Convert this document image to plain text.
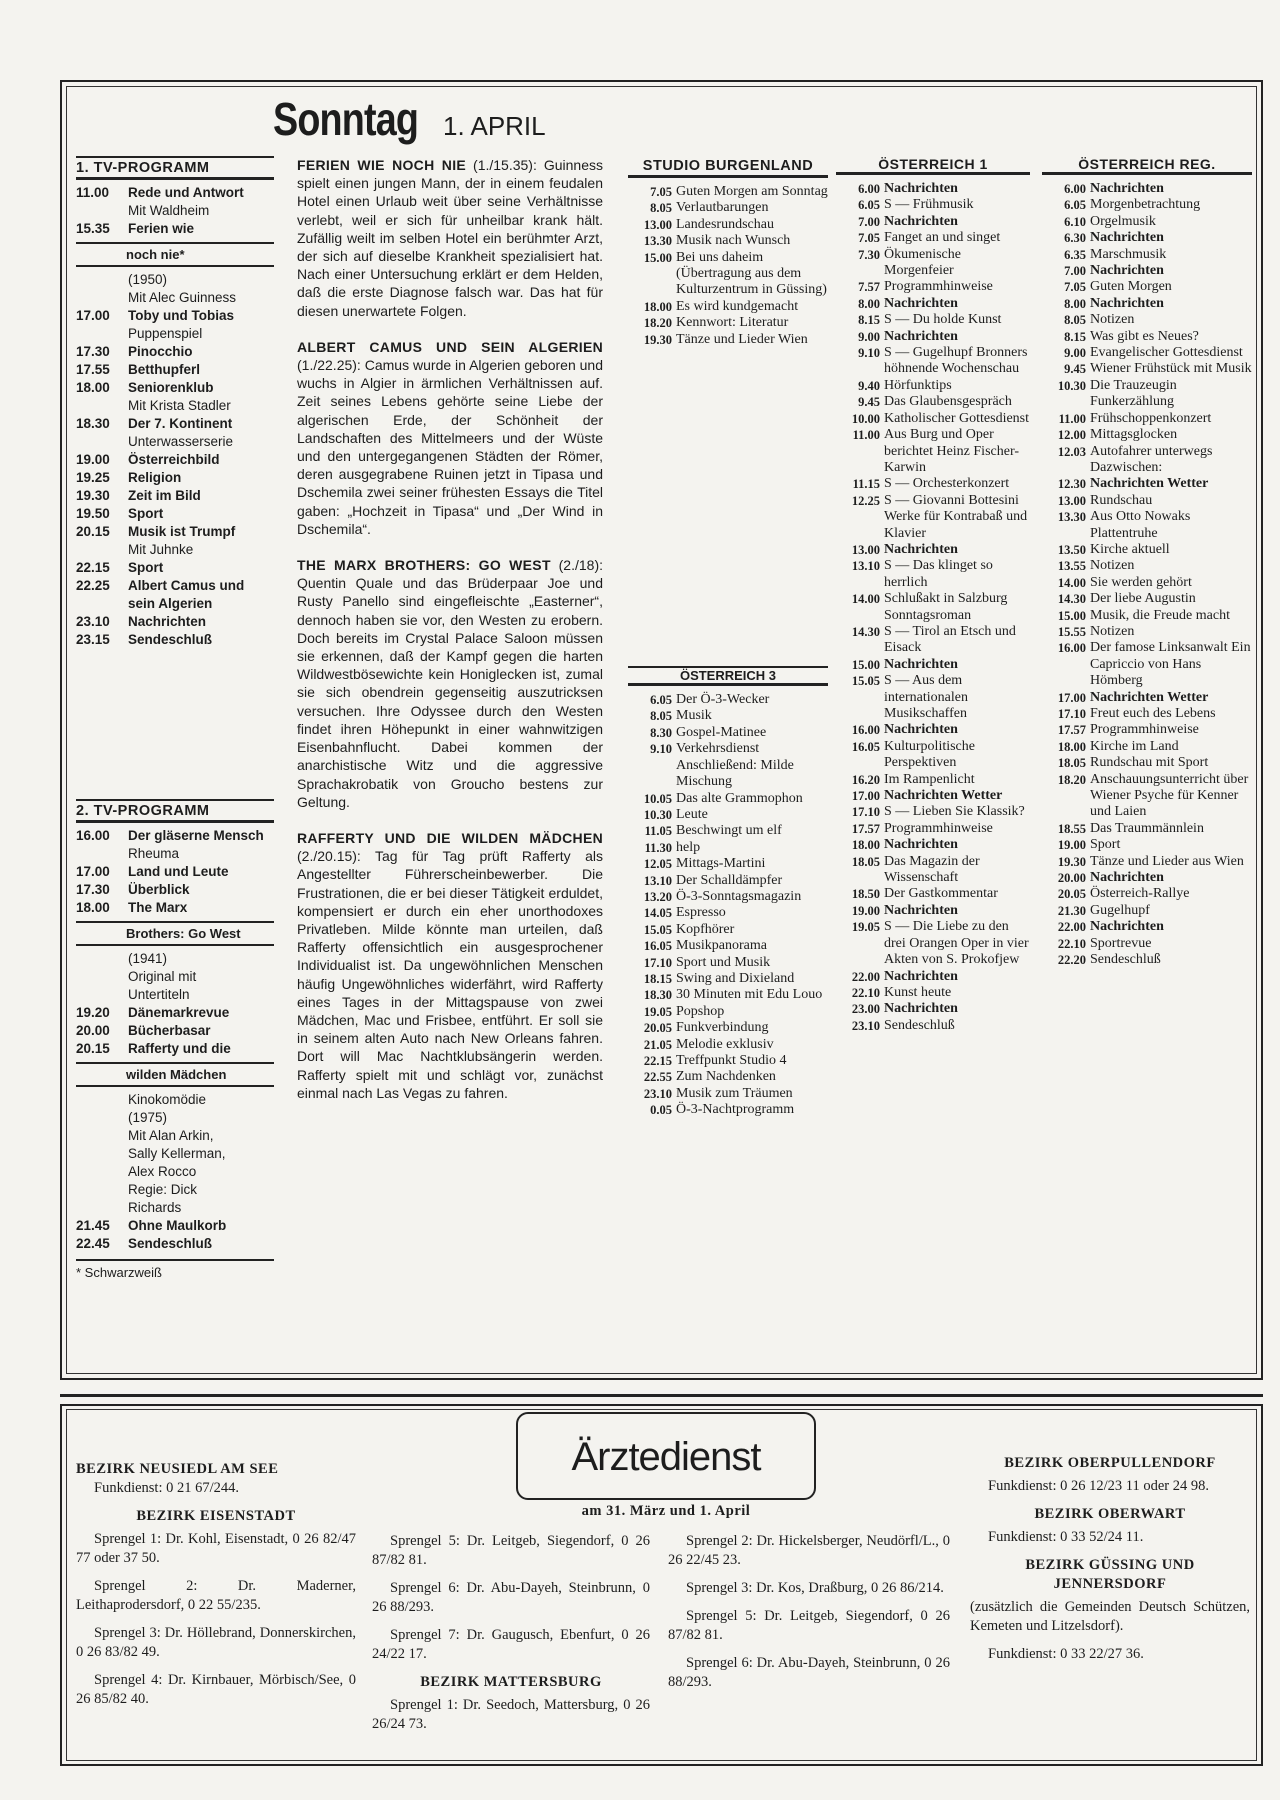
Sonntag 1. APRIL
1. TV-PROGRAMM
11.00	Rede und Antwort
Mit Waldheim
15.35	Ferien wie
noch nie*
(1950)
Mit Alec Guinness
17.00	Toby und Tobias
Puppenspiel
17.30	Pinocchio
17.55	Betthupferl
18.00	Seniorenklub
Mit Krista Stadler
18.30	Der 7. Kontinent
Unterwasserserie
19.00	Österreichbild
19.25	Religion
19.30	Zeit im Bild
19.50	Sport
20.15	Musik ist Trumpf
Mit Juhnke
22.15	Sport
22.25	Albert Camus und sein Algerien
23.10	Nachrichten
23.15	Sendeschluß
2. TV-PROGRAMM
16.00	Der gläserne Mensch
Rheuma
17.00	Land und Leute
17.30	Überblick
18.00	The Marx
Brothers: Go West
(1941)
Original mit
Untertiteln
19.20	Dänemarkrevue
20.00	Bücherbasar
20.15	Rafferty und die
wilden Mädchen
Kinokomödie
(1975)
Mit Alan Arkin,
Sally Kellerman,
Alex Rocco
Regie: Dick
Richards
21.45	Ohne Maulkorb
22.45	Sendeschluß
* Schwarzweiß

FERIEN WIE NOCH NIE (1./15.35): Guinness spielt einen jungen Mann, der in einem feudalen Hotel einen Urlaub weit über seine Verhältnisse verlebt, weil er sich für unheilbar krank hält. Zufällig weilt im selben Hotel ein berühmter Arzt, der sich auf dieselbe Krankheit spezialisiert hat. Nach einer Untersuchung erklärt er dem Helden, daß die erste Diagnose falsch war. Das hat für diesen unerwartete Folgen.

ALBERT CAMUS UND SEIN ALGERIEN (1./22.25): Camus wurde in Algerien geboren und wuchs in Algier in ärmlichen Verhältnissen auf. Zeit seines Lebens gehörte seine Liebe der algerischen Erde, der Schönheit der Landschaften des Mittelmeers und der Wüste und den untergegangenen Städten der Römer, deren ausgegrabene Ruinen jetzt in Tipasa und Dschemila zwei seiner frühesten Essays die Titel gaben: „Hochzeit in Tipasa“ und „Der Wind in Dschemila“.

THE MARX BROTHERS: GO WEST (2./18): Quentin Quale und das Brüderpaar Joe und Rusty Panello sind eingefleischte „Easterner“, dennoch haben sie vor, den Westen zu erobern. Doch bereits im Crystal Palace Saloon müssen sie erkennen, daß der Kampf gegen die harten Wildwestbösewichte kein Honiglecken ist, zumal sie sich obendrein gegenseitig auszutricksen versuchen. Ihre Odyssee durch den Westen findet ihren Höhepunkt in einer wahnwitzigen Eisenbahnflucht. Dabei kommen der anarchistische Witz und die aggressive Sprachakrobatik von Groucho bestens zur Geltung.

RAFFERTY UND DIE WILDEN MÄDCHEN (2./20.15): Tag für Tag prüft Rafferty als Angestellter Führerscheinbewerber. Die Frustrationen, die er bei dieser Tätigkeit erduldet, kompensiert er durch ein eher unorthodoxes Privatleben. Milde könnte man urteilen, daß Rafferty offensichtlich ein ausgesprochener Individualist ist. Da ungewöhnlichen Menschen häufig Ungewöhnliches widerfährt, wird Rafferty eines Tages in der Mittagspause von zwei Mädchen, Mac und Frisbee, entführt. Er soll sie in seinem alten Auto nach New Orleans fahren. Dort will Mac Nachtklubsängerin werden. Rafferty spielt mit und schlägt vor, zunächst einmal nach Las Vegas zu fahren.

STUDIO BURGENLAND
7.05 Guten Morgen am Sonntag
8.05 Verlautbarungen
13.00 Landesrundschau
13.30 Musik nach Wunsch
15.00 Bei uns daheim (Übertragung aus dem Kulturzentrum in Güssing)
18.00 Es wird kundgemacht
18.20 Kennwort: Literatur
19.30 Tänze und Lieder Wien
ÖSTERREICH 3
6.05 Der Ö-3-Wecker
8.05 Musik
8.30 Gospel-Matinee
9.10 Verkehrsdienst Anschließend: Milde Mischung
10.05 Das alte Grammophon
10.30 Leute
11.05 Beschwingt um elf
11.30 help
12.05 Mittags-Martini
13.10 Der Schalldämpfer
13.20 Ö-3-Sonntagsmagazin
14.05 Espresso
15.05 Kopfhörer
16.05 Musikpanorama
17.10 Sport und Musik
18.15 Swing and Dixieland
18.30 30 Minuten mit Edu Louo
19.05 Popshop
20.05 Funkverbindung
21.05 Melodie exklusiv
22.15 Treffpunkt Studio 4
22.55 Zum Nachdenken
23.10 Musik zum Träumen
0.05 Ö-3-Nachtprogramm
ÖSTERREICH 1
6.00 Nachrichten
6.05 S — Frühmusik
7.00 Nachrichten
7.05 Fanget an und singet
7.30 Ökumenische Morgenfeier
7.57 Programmhinweise
8.00 Nachrichten
8.15 S — Du holde Kunst
9.00 Nachrichten
9.10 S — Gugelhupf Bronners höhnende Wochenschau
9.40 Hörfunktips
9.45 Das Glaubensgespräch
10.00 Katholischer Gottesdienst
11.00 Aus Burg und Oper berichtet Heinz Fischer-Karwin
11.15 S — Orchesterkonzert
12.25 S — Giovanni Bottesini Werke für Kontrabaß und Klavier
13.00 Nachrichten
13.10 S — Das klinget so herrlich
14.00 Schlußakt in Salzburg Sonntagsroman
14.30 S — Tirol an Etsch und Eisack
15.00 Nachrichten
15.05 S — Aus dem internationalen Musikschaffen
16.00 Nachrichten
16.05 Kulturpolitische Perspektiven
16.20 Im Rampenlicht
17.00 Nachrichten Wetter
17.10 S — Lieben Sie Klassik?
17.57 Programmhinweise
18.00 Nachrichten
18.05 Das Magazin der Wissenschaft
18.50 Der Gastkommentar
19.00 Nachrichten
19.05 S — Die Liebe zu den drei Orangen Oper in vier Akten von S. Prokofjew
22.00 Nachrichten
22.10 Kunst heute
23.00 Nachrichten
23.10 Sendeschluß
ÖSTERREICH REG.
6.00 Nachrichten
6.05 Morgenbetrachtung
6.10 Orgelmusik
6.30 Nachrichten
6.35 Marschmusik
7.00 Nachrichten
7.05 Guten Morgen
8.00 Nachrichten
8.05 Notizen
8.15 Was gibt es Neues?
9.00 Evangelischer Gottesdienst
9.45 Wiener Frühstück mit Musik
10.30 Die Trauzeugin Funkerzählung
11.00 Frühschoppenkonzert
12.00 Mittagsglocken
12.03 Autofahrer unterwegs Dazwischen:
12.30 Nachrichten Wetter
13.00 Rundschau
13.30 Aus Otto Nowaks Plattentruhe
13.50 Kirche aktuell
13.55 Notizen
14.00 Sie werden gehört
14.30 Der liebe Augustin
15.00 Musik, die Freude macht
15.55 Notizen
16.00 Der famose Linksanwalt Ein Capriccio von Hans Hömberg
17.00 Nachrichten Wetter
17.10 Freut euch des Lebens
17.57 Programmhinweise
18.00 Kirche im Land
18.05 Rundschau mit Sport
18.20 Anschauungsunterricht über Wiener Psyche für Kenner und Laien
18.55 Das Traummännlein
19.00 Sport
19.30 Tänze und Lieder aus Wien
20.00 Nachrichten
20.05 Österreich-Rallye
21.30 Gugelhupf
22.00 Nachrichten
22.10 Sportrevue
22.20 Sendeschluß
Ärztedienst
am 31. März und 1. April
BEZIRK NEUSIEDL AM SEE

Funkdienst: 0 21 67/244.

BEZIRK EISENSTADT

Sprengel 1: Dr. Kohl, Eisenstadt, 0 26 82/47 77 oder 37 50.

Sprengel 2: Dr. Maderner, Leithaprodersdorf, 0 22 55/235.

Sprengel 3: Dr. Höllebrand, Donnerskirchen, 0 26 83/82 49.

Sprengel 4: Dr. Kirnbauer, Mörbisch/See, 0 26 85/82 40.

Sprengel 5: Dr. Leitgeb, Siegendorf, 0 26 87/82 81.

Sprengel 6: Dr. Abu-Dayeh, Steinbrunn, 0 26 88/293.

Sprengel 7: Dr. Gaugusch, Ebenfurt, 0 26 24/22 17.

BEZIRK MATTERSBURG

Sprengel 1: Dr. Seedoch, Mattersburg, 0 26 26/24 73.

Sprengel 2: Dr. Hickelsberger, Neudörfl/L., 0 26 22/45 23.

Sprengel 3: Dr. Kos, Draßburg, 0 26 86/214.

Sprengel 5: Dr. Leitgeb, Siegendorf, 0 26 87/82 81.

Sprengel 6: Dr. Abu-Dayeh, Steinbrunn, 0 26 88/293.

BEZIRK OBERPULLENDORF

Funkdienst: 0 26 12/23 11 oder 24 98.

BEZIRK OBERWART

Funkdienst: 0 33 52/24 11.

BEZIRK GÜSSING UND JENNERSDORF

(zusätzlich die Gemeinden Deutsch Schützen, Kemeten und Litzelsdorf).

Funkdienst: 0 33 22/27 36.
